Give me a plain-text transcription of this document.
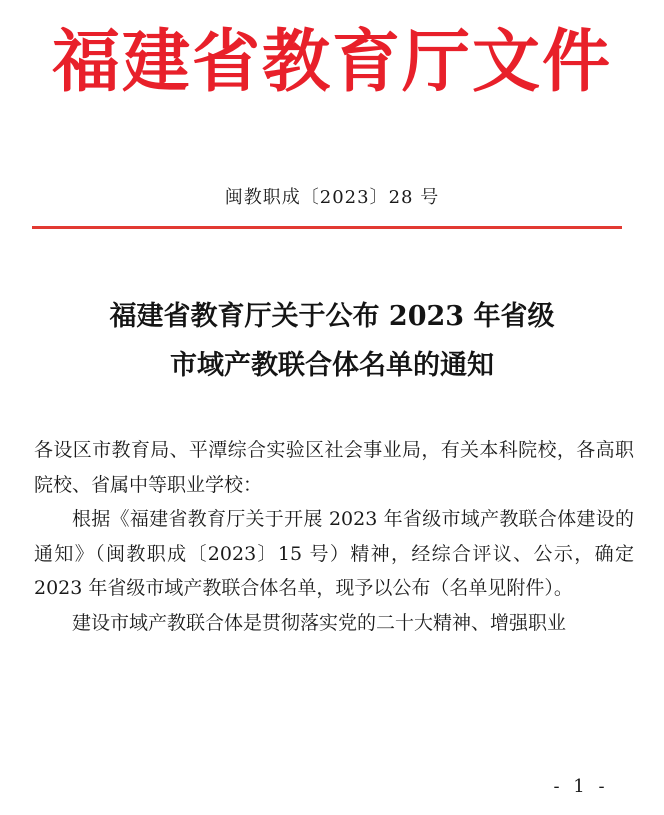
福建省教育厅文件
闽教职成〔2023〕28 号
福建省教育厅关于公布 2023 年省级
市域产教联合体名单的通知

各设区市教育局、平潭综合实验区社会事业局，有关本科院校，各高职院校、省属中等职业学校：

根据《福建省教育厅关于开展 2023 年省级市域产教联合体建设的通知》（闽教职成〔2023〕15 号）精神，经综合评议、公示，确定 2023 年省级市域产教联合体名单，现予以公布（名单见附件）。

建设市域产教联合体是贯彻落实党的二十大精神、增强职业

- 1 -
